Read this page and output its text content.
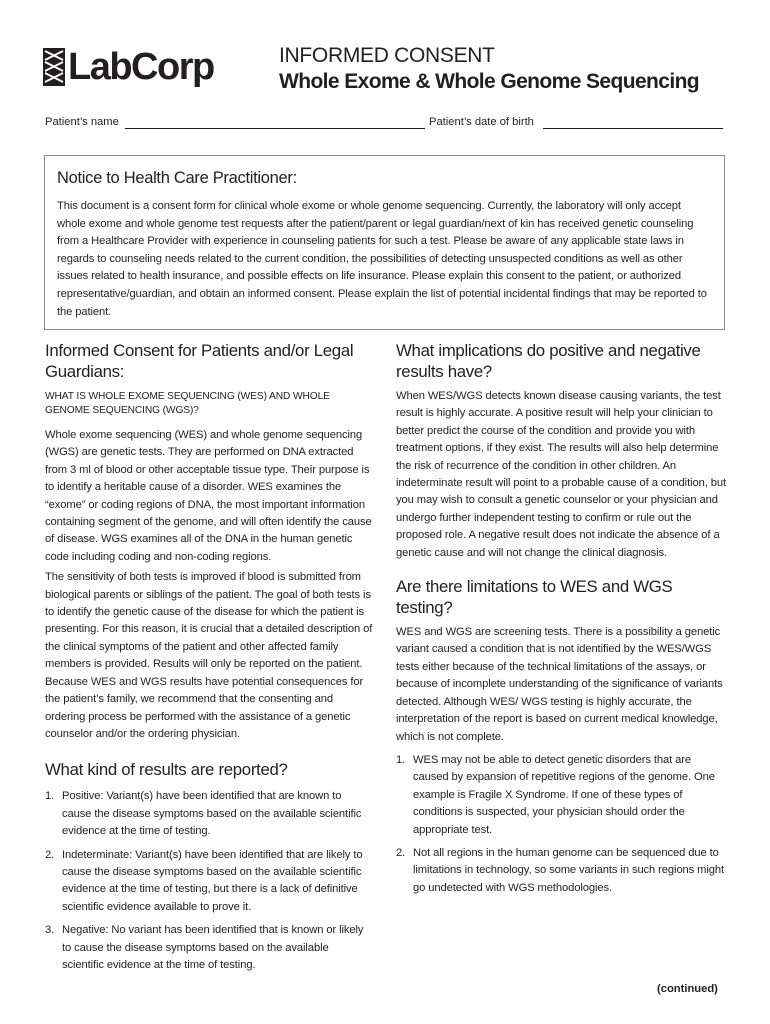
LabCorp	INFORMED CONSENT
Whole Exome & Whole Genome Sequencing
Patient’s name	Patient’s date of birth
Notice to Health Care Practitioner:

This document is a consent form for clinical whole exome or whole genome sequencing. Currently, the laboratory will only accept whole exome and whole genome test requests after the patient/parent or legal guardian/next of kin has received genetic counseling from a Healthcare Provider with experience in counseling patients for such a test. Please be aware of any applicable state laws in regards to counseling needs related to the current condition, the possibilities of detecting unsuspected conditions as well as other issues related to health insurance, and possible effects on life insurance. Please explain this consent to the patient, or authorized representative/guardian, and obtain an informed consent. Please explain the list of potential incidental findings that may be reported to the patient.

Informed Consent for Patients and/or Legal Guardians:
WHAT IS WHOLE EXOME SEQUENCING (WES) AND WHOLE GENOME SEQUENCING (WGS)?

Whole exome sequencing (WES) and whole genome sequencing (WGS) are genetic tests. They are performed on DNA extracted from 3 ml of blood or other acceptable tissue type. Their purpose is to identify a heritable cause of a disorder. WES examines the “exome” or coding regions of DNA, the most important information containing segment of the genome, and will often identify the cause of disease. WGS examines all of the DNA in the human genetic code including coding and non-coding regions.

The sensitivity of both tests is improved if blood is submitted from biological parents or siblings of the patient. The goal of both tests is to identify the genetic cause of the disease for which the patient is presenting. For this reason, it is crucial that a detailed description of the clinical symptoms of the patient and other affected family members is provided. Results will only be reported on the patient. Because WES and WGS results have potential consequences for the patient’s family, we recommend that the consenting and ordering process be performed with the assistance of a genetic counselor and/or the ordering physician.

What kind of results are reported?
1. Positive: Variant(s) have been identified that are known to cause the disease symptoms based on the available scientific evidence at the time of testing.
2. Indeterminate: Variant(s) have been identified that are likely to cause the disease symptoms based on the available scientific evidence at the time of testing, but there is a lack of definitive scientific evidence available to prove it.
3. Negative: No variant has been identified that is known or likely to cause the disease symptoms based on the available scientific evidence at the time of testing.
What implications do positive and negative results have?

When WES/WGS detects known disease causing variants, the test result is highly accurate. A positive result will help your clinician to better predict the course of the condition and provide you with treatment options, if they exist. The results will also help determine the risk of recurrence of the condition in other children. An indeterminate result will point to a probable cause of a condition, but you may wish to consult a genetic counselor or your physician and undergo further independent testing to confirm or rule out the proposed role. A negative result does not indicate the absence of a genetic cause and will not change the clinical diagnosis.

Are there limitations to WES and WGS testing?

WES and WGS are screening tests. There is a possibility a genetic variant caused a condition that is not identified by the WES/WGS tests either because of the technical limitations of the assays, or because of incomplete understanding of the significance of variants detected. Although WES/ WGS testing is highly accurate, the interpretation of the report is based on current medical knowledge, which is not complete.

1. WES may not be able to detect genetic disorders that are caused by expansion of repetitive regions of the genome. One example is Fragile X Syndrome. If one of these types of conditions is suspected, your physician should order the appropriate test.
2. Not all regions in the human genome can be sequenced due to limitations in technology, so some variants in such regions might go undetected with WGS methodologies.
(continued)
